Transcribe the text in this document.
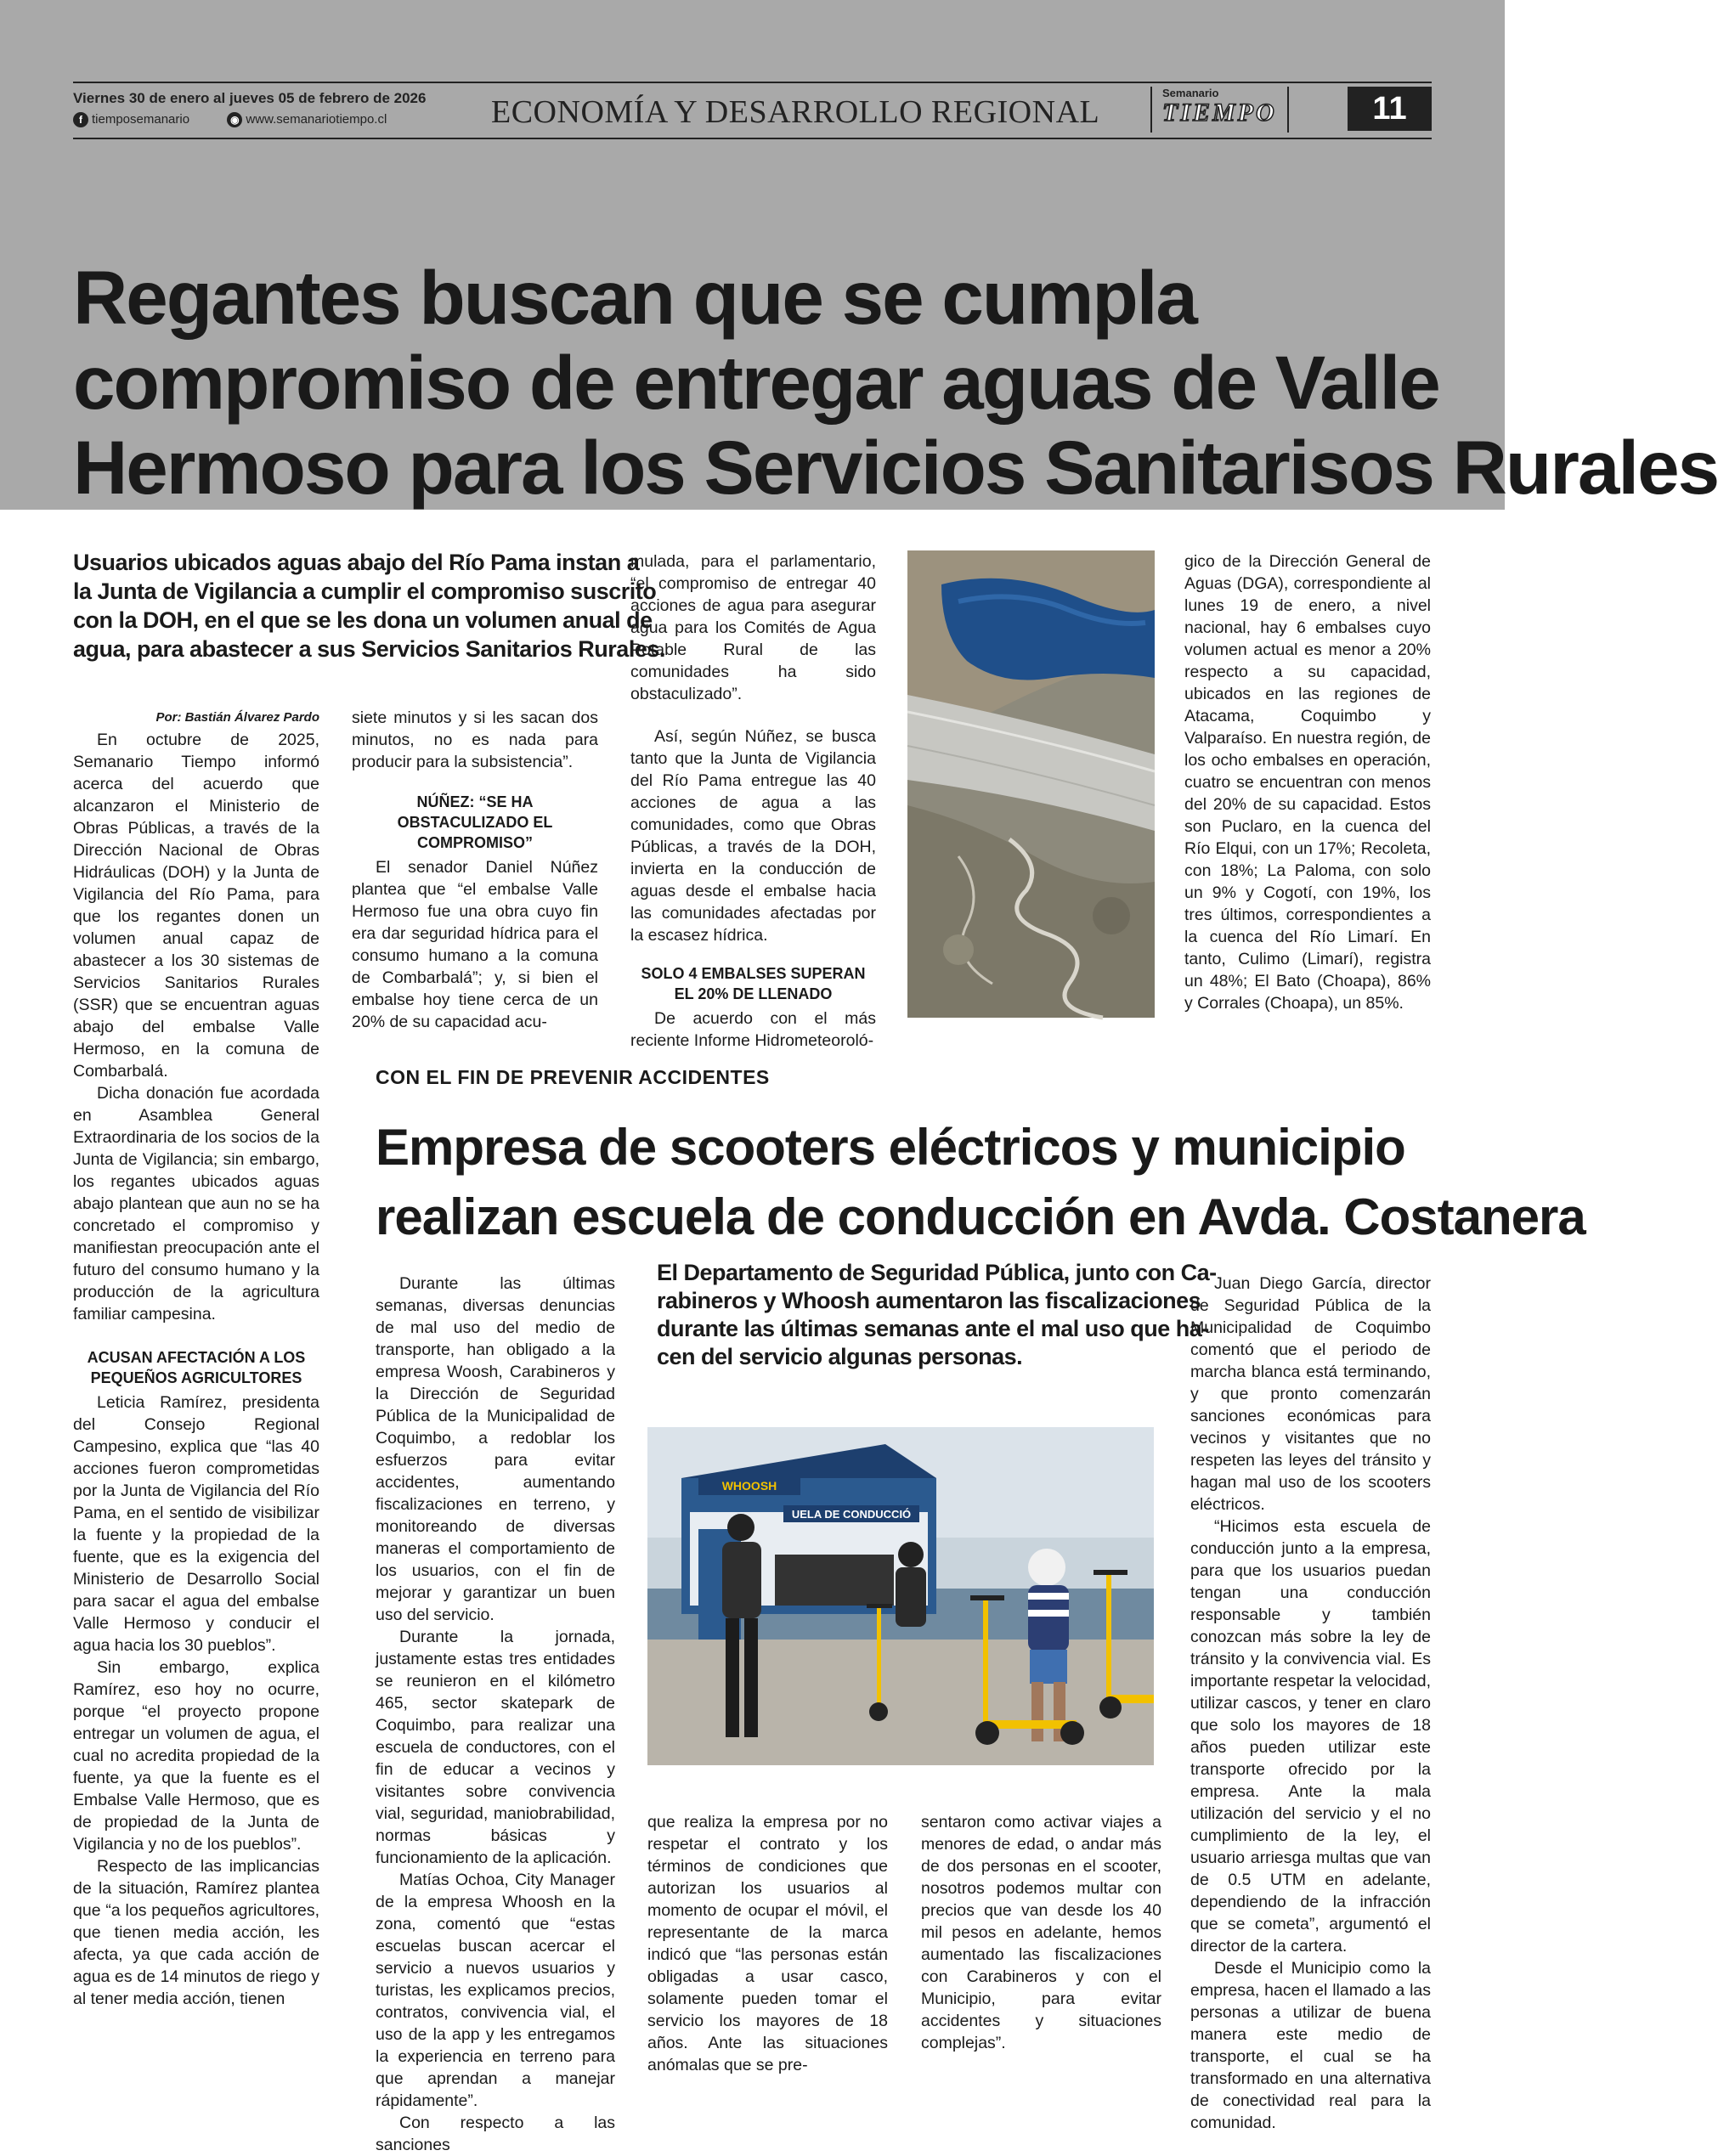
Viernes 30 de enero al jueves 05 de febrero de 2026
f tiemposemanario	◉ www.semanariotiempo.cl	ECONOMÍA Y DESARROLLO REGIONAL
Semanario
TIEMPO	11
Regantes buscan que se cumpla
compromiso de entregar aguas de Valle
Hermoso para los Servicios Sanitarisos Rurales
Usuarios ubicados aguas abajo del Río Pama instan a
la Junta de Vigilancia a cumplir el compromiso suscrito
con la DOH, en el que se les dona un volumen anual de
agua, para abastecer a sus Servicios Sanitarios Rurales.

Por: Bastián Álvarez Pardo

En octubre de 2025, Semanario Tiempo informó acerca del acuerdo que alcanzaron el Ministerio de Obras Públicas, a través de la Dirección Nacional de Obras Hidráulicas (DOH) y la Junta de Vigilancia del Río Pama, para que los regantes donen un volumen anual capaz de abastecer a los 30 sistemas de Servicios Sanitarios Rurales (SSR) que se encuentran aguas abajo del embalse Valle Hermoso, en la comuna de Combarbalá.

Dicha donación fue acordada en Asamblea General Extraordinaria de los socios de la Junta de Vigilancia; sin embargo, los regantes ubicados aguas abajo plantean que aun no se ha concretado el compromiso y manifiestan preocupación ante el futuro del consumo humano y la producción de la agricultura familiar campesina.

ACUSAN AFECTACIÓN A LOS PEQUEÑOS AGRICULTORES

Leticia Ramírez, presidenta del Consejo Regional Campesino, explica que “las 40 acciones fueron comprometidas por la Junta de Vigilancia del Río Pama, en el sentido de visibilizar la fuente y la propiedad de la fuente, que es la exigencia del Ministerio de Desarrollo Social para sacar el agua del embalse Valle Hermoso y conducir el agua hacia los 30 pueblos”.

Sin embargo, explica Ramírez, eso hoy no ocurre, porque “el proyecto propone entregar un volumen de agua, el cual no acredita propiedad de la fuente, ya que la fuente es el Embalse Valle Hermoso, que es de propiedad de la Junta de Vigilancia y no de los pueblos”.

Respecto de las implicancias de la situación, Ramírez plantea que “a los pequeños agricultores, que tienen media acción, les afecta, ya que cada acción de agua es de 14 minutos de riego y al tener media acción, tienen

siete minutos y si les sacan dos minutos, no es nada para producir para la subsistencia”.

NÚÑEZ: “SE HA OBSTACULIZADO EL COMPROMISO”

El senador Daniel Núñez plantea que “el embalse Valle Hermoso fue una obra cuyo fin era dar seguridad hídrica para el consumo humano a la comuna de Combarbalá”; y, si bien el embalse hoy tiene cerca de un 20% de su capacidad acu-

mulada, para el parlamentario, “el compromiso de entregar 40 acciones de agua para asegurar agua para los Comités de Agua Potable Rural de las comunidades ha sido obstaculizado”.

Así, según Núñez, se busca tanto que la Junta de Vigilancia del Río Pama entregue las 40 acciones de agua a las comunidades, como que Obras Públicas, a través de la DOH, invierta en la conducción de aguas desde el embalse hacia las comunidades afectadas por la escasez hídrica.

SOLO 4 EMBALSES SUPERAN EL 20% DE LLENADO

De acuerdo con el más reciente Informe Hidrometeoroló-

gico de la Dirección General de Aguas (DGA), correspondiente al lunes 19 de enero, a nivel nacional, hay 6 embalses cuyo volumen actual es menor a 20% respecto a su capacidad, ubicados en las regiones de Atacama, Coquimbo y Valparaíso. En nuestra región, de los ocho embalses en operación, cuatro se encuentran con menos del 20% de su capacidad. Estos son Puclaro, en la cuenca del Río Elqui, con un 17%; Recoleta, con 18%; La Paloma, con solo un 9% y Cogotí, con 19%, los tres últimos, correspondientes a la cuenca del Río Limarí. En tanto, Culimo (Limarí), registra un 48%; El Bato (Choapa), 86% y Corrales (Choapa), un 85%.

CON EL FIN DE PREVENIR ACCIDENTES
Empresa de scooters eléctricos y municipio
realizan escuela de conducción en Avda. Costanera

Durante las últimas semanas, diversas denuncias de mal uso del medio de transporte, han obligado a la empresa Woosh, Carabineros y la Dirección de Seguridad Pública de la Municipalidad de Coquimbo, a redoblar los esfuerzos para evitar accidentes, aumentando fiscalizaciones en terreno, y monitoreando de diversas maneras el comportamiento de los usuarios, con el fin de mejorar y garantizar un buen uso del servicio.

Durante la jornada, justamente estas tres entidades se reunieron en el kilómetro 465, sector skatepark de Coquimbo, para realizar una escuela de conductores, con el fin de educar a vecinos y visitantes sobre convivencia vial, seguridad, maniobrabilidad, normas básicas y funcionamiento de la aplicación.

Matías Ochoa, City Manager de la empresa Whoosh en la zona, comentó que “estas escuelas buscan acercar el servicio a nuevos usuarios y turistas, les explicamos precios, contratos, convivencia vial, el uso de la app y les entregamos la experiencia en terreno para que aprendan a manejar rápidamente”.

Con respecto a las sanciones

El Departamento de Seguridad Pública, junto con Ca-
rabineros y Whoosh aumentaron las fiscalizaciones
durante las últimas semanas ante el mal uso que ha-
cen del servicio algunas personas.
WHOOSH
UELA DE CONDUCCIÓ

que realiza la empresa por no respetar el contrato y los términos de condiciones que autorizan los usuarios al momento de ocupar el móvil, el representante de la marca indicó que “las personas están obligadas a usar casco, solamente pueden tomar el servicio los mayores de 18 años. Ante las situaciones anómalas que se pre-

sentaron como activar viajes a menores de edad, o andar más de dos personas en el scooter, nosotros podemos multar con precios que van desde los 40 mil pesos en adelante, hemos aumentado las fiscalizaciones con Carabineros y con el Municipio, para evitar accidentes y situaciones complejas”.

Juan Diego García, director de Seguridad Pública de la Municipalidad de Coquimbo comentó que el periodo de marcha blanca está terminando, y que pronto comenzarán sanciones económicas para vecinos y visitantes que no respeten las leyes del tránsito y hagan mal uso de los scooters eléctricos.

“Hicimos esta escuela de conducción junto a la empresa, para que los usuarios puedan tengan una conducción responsable y también conozcan más sobre la ley de tránsito y la convivencia vial. Es importante respetar la velocidad, utilizar cascos, y tener en claro que solo los mayores de 18 años pueden utilizar este transporte ofrecido por la empresa. Ante la mala utilización del servicio y el no cumplimiento de la ley, el usuario arriesga multas que van de 0.5 UTM en adelante, dependiendo de la infracción que se cometa”, argumentó el director de la cartera.

Desde el Municipio como la empresa, hacen el llamado a las personas a utilizar de buena manera este medio de transporte, el cual se ha transformado en una alternativa de conectividad real para la comunidad.
